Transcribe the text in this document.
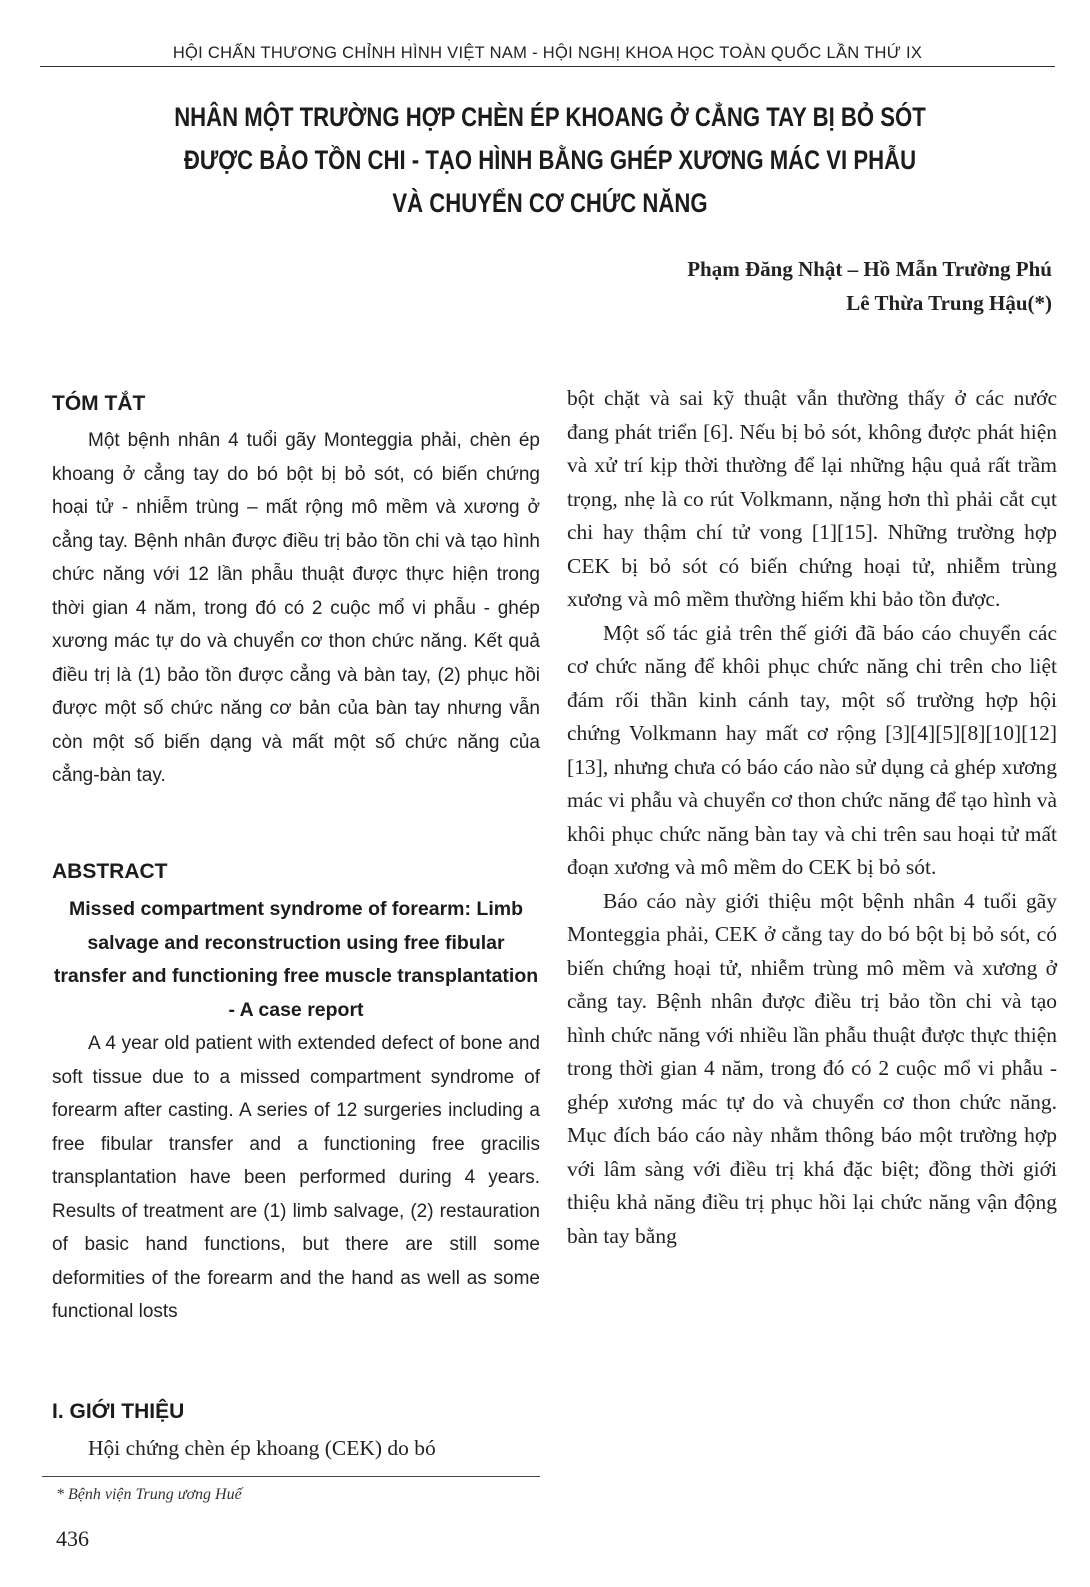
HỘI CHẤN THƯƠNG CHỈNH HÌNH VIỆT NAM - HỘI NGHỊ KHOA HỌC TOÀN QUỐC LẦN THỨ IX
NHÂN MỘT TRƯỜNG HỢP CHÈN ÉP KHOANG Ở CẲNG TAY BỊ BỎ SÓT
ĐƯỢC BẢO TỒN CHI - TẠO HÌNH BẰNG GHÉP XƯƠNG MÁC VI PHẪU
VÀ CHUYỂN CƠ CHỨC NĂNG
Phạm Đăng Nhật – Hồ Mẫn Trường Phú
Lê Thừa Trung Hậu(*)
TÓM TẮT

Một bệnh nhân 4 tuổi gãy Monteggia phải, chèn ép khoang ở cẳng tay do bó bột bị bỏ sót, có biến chứng hoại tử - nhiễm trùng – mất rộng mô mềm và xương ở cẳng tay. Bệnh nhân được điều trị bảo tồn chi và tạo hình chức năng với 12 lần phẫu thuật được thực hiện trong thời gian 4 năm, trong đó có 2 cuộc mổ vi phẫu - ghép xương mác tự do và chuyển cơ thon chức năng. Kết quả điều trị là (1) bảo tồn được cẳng và bàn tay, (2) phục hồi được một số chức năng cơ bản của bàn tay nhưng vẫn còn một số biến dạng và mất một số chức năng của cẳng-bàn tay.

ABSTRACT

Missed compartment syndrome of forearm: Limb salvage and reconstruction using free fibular transfer and functioning free muscle transplantation - A case report

A 4 year old patient with extended defect of bone and soft tissue due to a missed compartment syndrome of forearm after casting. A series of 12 surgeries including a free fibular transfer and a functioning free gracilis transplantation have been performed during 4 years. Results of treatment are (1) limb salvage, (2) restauration of basic hand functions, but there are still some deformities of the forearm and the hand as well as some functional losts

I. GIỚI THIỆU

Hội chứng chèn ép khoang (CEK) do bó

bột chặt và sai kỹ thuật vẫn thường thấy ở các nước đang phát triển [6]. Nếu bị bỏ sót, không được phát hiện và xử trí kịp thời thường để lại những hậu quả rất trầm trọng, nhẹ là co rút Volkmann, nặng hơn thì phải cắt cụt chi hay thậm chí tử vong [1][15]. Những trường hợp CEK bị bỏ sót có biến chứng hoại tử, nhiễm trùng xương và mô mềm thường hiếm khi bảo tồn được.

Một số tác giả trên thế giới đã báo cáo chuyển các cơ chức năng để khôi phục chức năng chi trên cho liệt đám rối thần kinh cánh tay, một số trường hợp hội chứng Volkmann hay mất cơ rộng [3][4][5][8][10][12][13], nhưng chưa có báo cáo nào sử dụng cả ghép xương mác vi phẫu và chuyển cơ thon chức năng để tạo hình và khôi phục chức năng bàn tay và chi trên sau hoại tử mất đoạn xương và mô mềm do CEK bị bỏ sót.

Báo cáo này giới thiệu một bệnh nhân 4 tuổi gãy Monteggia phải, CEK ở cẳng tay do bó bột bị bỏ sót, có biến chứng hoại tử, nhiễm trùng mô mềm và xương ở cẳng tay. Bệnh nhân được điều trị bảo tồn chi và tạo hình chức năng với nhiều lần phẫu thuật được thực thiện trong thời gian 4 năm, trong đó có 2 cuộc mổ vi phẫu - ghép xương mác tự do và chuyển cơ thon chức năng. Mục đích báo cáo này nhằm thông báo một trường hợp với lâm sàng với điều trị khá đặc biệt; đồng thời giới thiệu khả năng điều trị phục hồi lại chức năng vận động bàn tay bằng

* Bệnh viện Trung ương Huế
436
